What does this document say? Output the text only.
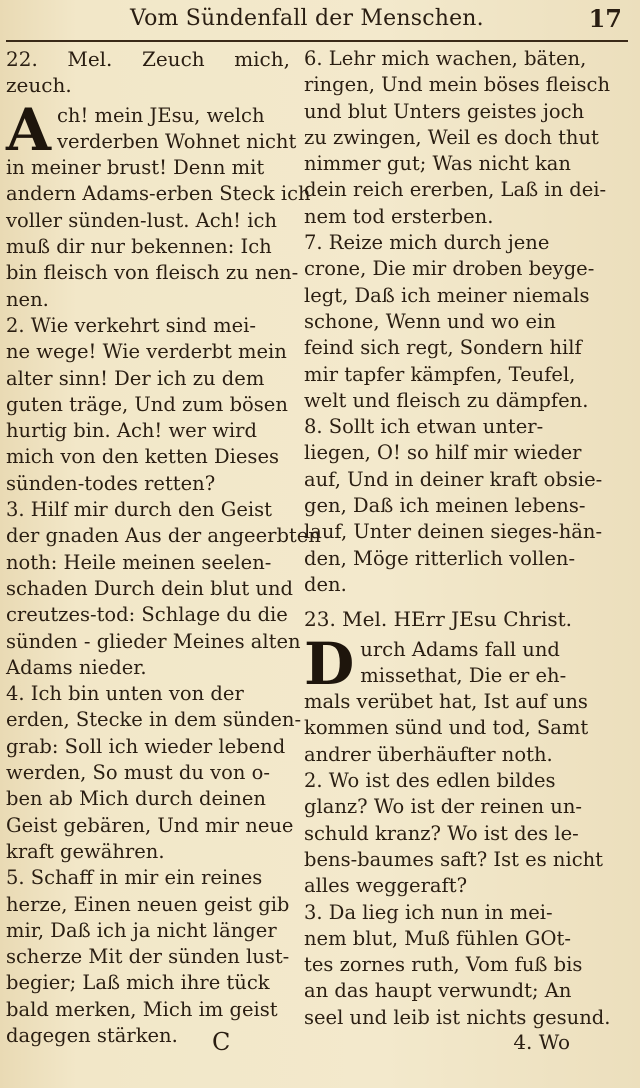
Vom Sündenfall der Menschen.	17

22. Mel. Zeuch mich, zeuch.

A ch! mein JEsu, welch
verderben Wohnet nicht
in meiner brust! Denn mit
andern Adams-erben Steck ich
voller sünden-lust. Ach! ich
muß dir nur bekennen: Ich
bin fleisch von fleisch zu nen-
nen.

2. Wie verkehrt sind mei-
ne wege! Wie verderbt mein
alter sinn! Der ich zu dem
guten träge, Und zum bösen
hurtig bin. Ach! wer wird
mich von den ketten Dieses
sünden-todes retten?

3. Hilf mir durch den Geist
der gnaden Aus der angeerbten
noth: Heile meinen seelen-
schaden Durch dein blut und
creutzes-tod: Schlage du die
sünden - glieder Meines alten
Adams nieder.

4. Ich bin unten von der
erden, Stecke in dem sünden-
grab: Soll ich wieder lebend
werden, So must du von o-
ben ab Mich durch deinen
Geist gebären, Und mir neue
kraft gewähren.

5. Schaff in mir ein reines
herze, Einen neuen geist gib
mir, Daß ich ja nicht länger
scherze Mit der sünden lust-
begier; Laß mich ihre tück
bald merken, Mich im geist
dagegen stärken.

6. Lehr mich wachen, bäten,
ringen, Und mein böses fleisch
und blut Unters geistes joch
zu zwingen, Weil es doch thut
nimmer gut; Was nicht kan
dein reich ererben, Laß in dei-
nem tod ersterben.

7. Reize mich durch jene
crone, Die mir droben beyge-
legt, Daß ich meiner niemals
schone, Wenn und wo ein
feind sich regt, Sondern hilf
mir tapfer kämpfen, Teufel,
welt und fleisch zu dämpfen.

8. Sollt ich etwan unter-
liegen, O! so hilf mir wieder
auf, Und in deiner kraft obsie-
gen, Daß ich meinen lebens-
lauf, Unter deinen sieges-hän-
den, Möge ritterlich vollen-
den.

23. Mel. HErr JEsu Christ.

D urch Adams fall und
missethat, Die er eh-
mals verübet hat, Ist auf uns
kommen sünd und tod, Samt
andrer überhäufter noth.

2. Wo ist des edlen bildes
glanz? Wo ist der reinen un-
schuld kranz? Wo ist des le-
bens-baumes saft? Ist es nicht
alles weggeraft?

3. Da lieg ich nun in mei-
nem blut, Muß fühlen GOt-
tes zornes ruth, Vom fuß bis
an das haupt verwundt; An
seel und leib ist nichts gesund.

C	4. Wo
